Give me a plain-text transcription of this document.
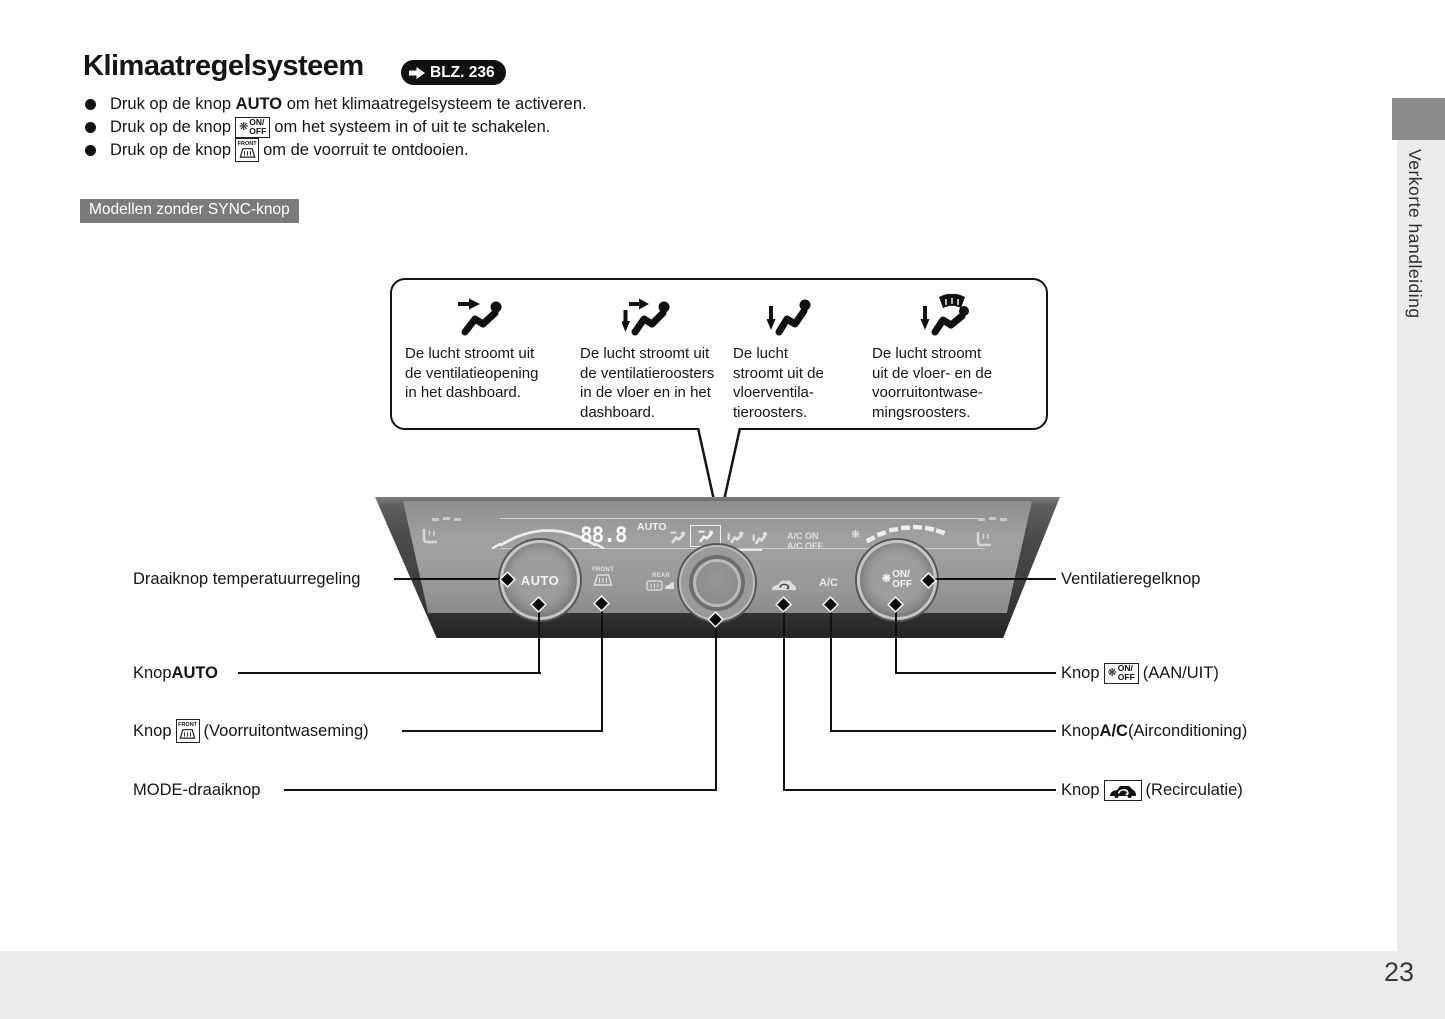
Verkorte handleiding
23
Klimaatregelsysteem	BLZ. 236
Druk op de knop AUTO om het klimaatregelsysteem te activeren.
Druk op de knop ❋ ON/
OFF om het systeem in of uit te schakelen.
Druk op de knop FRONT om de voorruit te ontdooien.
Modellen zonder SYNC-knop
De lucht stroomt uit
de ventilatieopening
in het dashboard.
De lucht stroomt uit
de ventilatieroosters
in de vloer en in het
dashboard.
De lucht
stroomt uit de
vloerventila-
tieroosters.
De lucht stroomt
uit de vloer- en de
voorruitontwase-
mingsroosters.
88.8 AUTO
A/C ON
A/C OFF
❋
AUTO	❋ ON/
OFF
FRONT
REAR
A/C
Draaiknop temperatuurregeling
Knop AUTO
Knop FRONT (Voorruitontwaseming)
MODE-draaiknop
Ventilatieregelknop
Knop ❋ ON/
OFF (AAN/UIT)
Knop A/C (Airconditioning)
Knop	(Recirculatie)
